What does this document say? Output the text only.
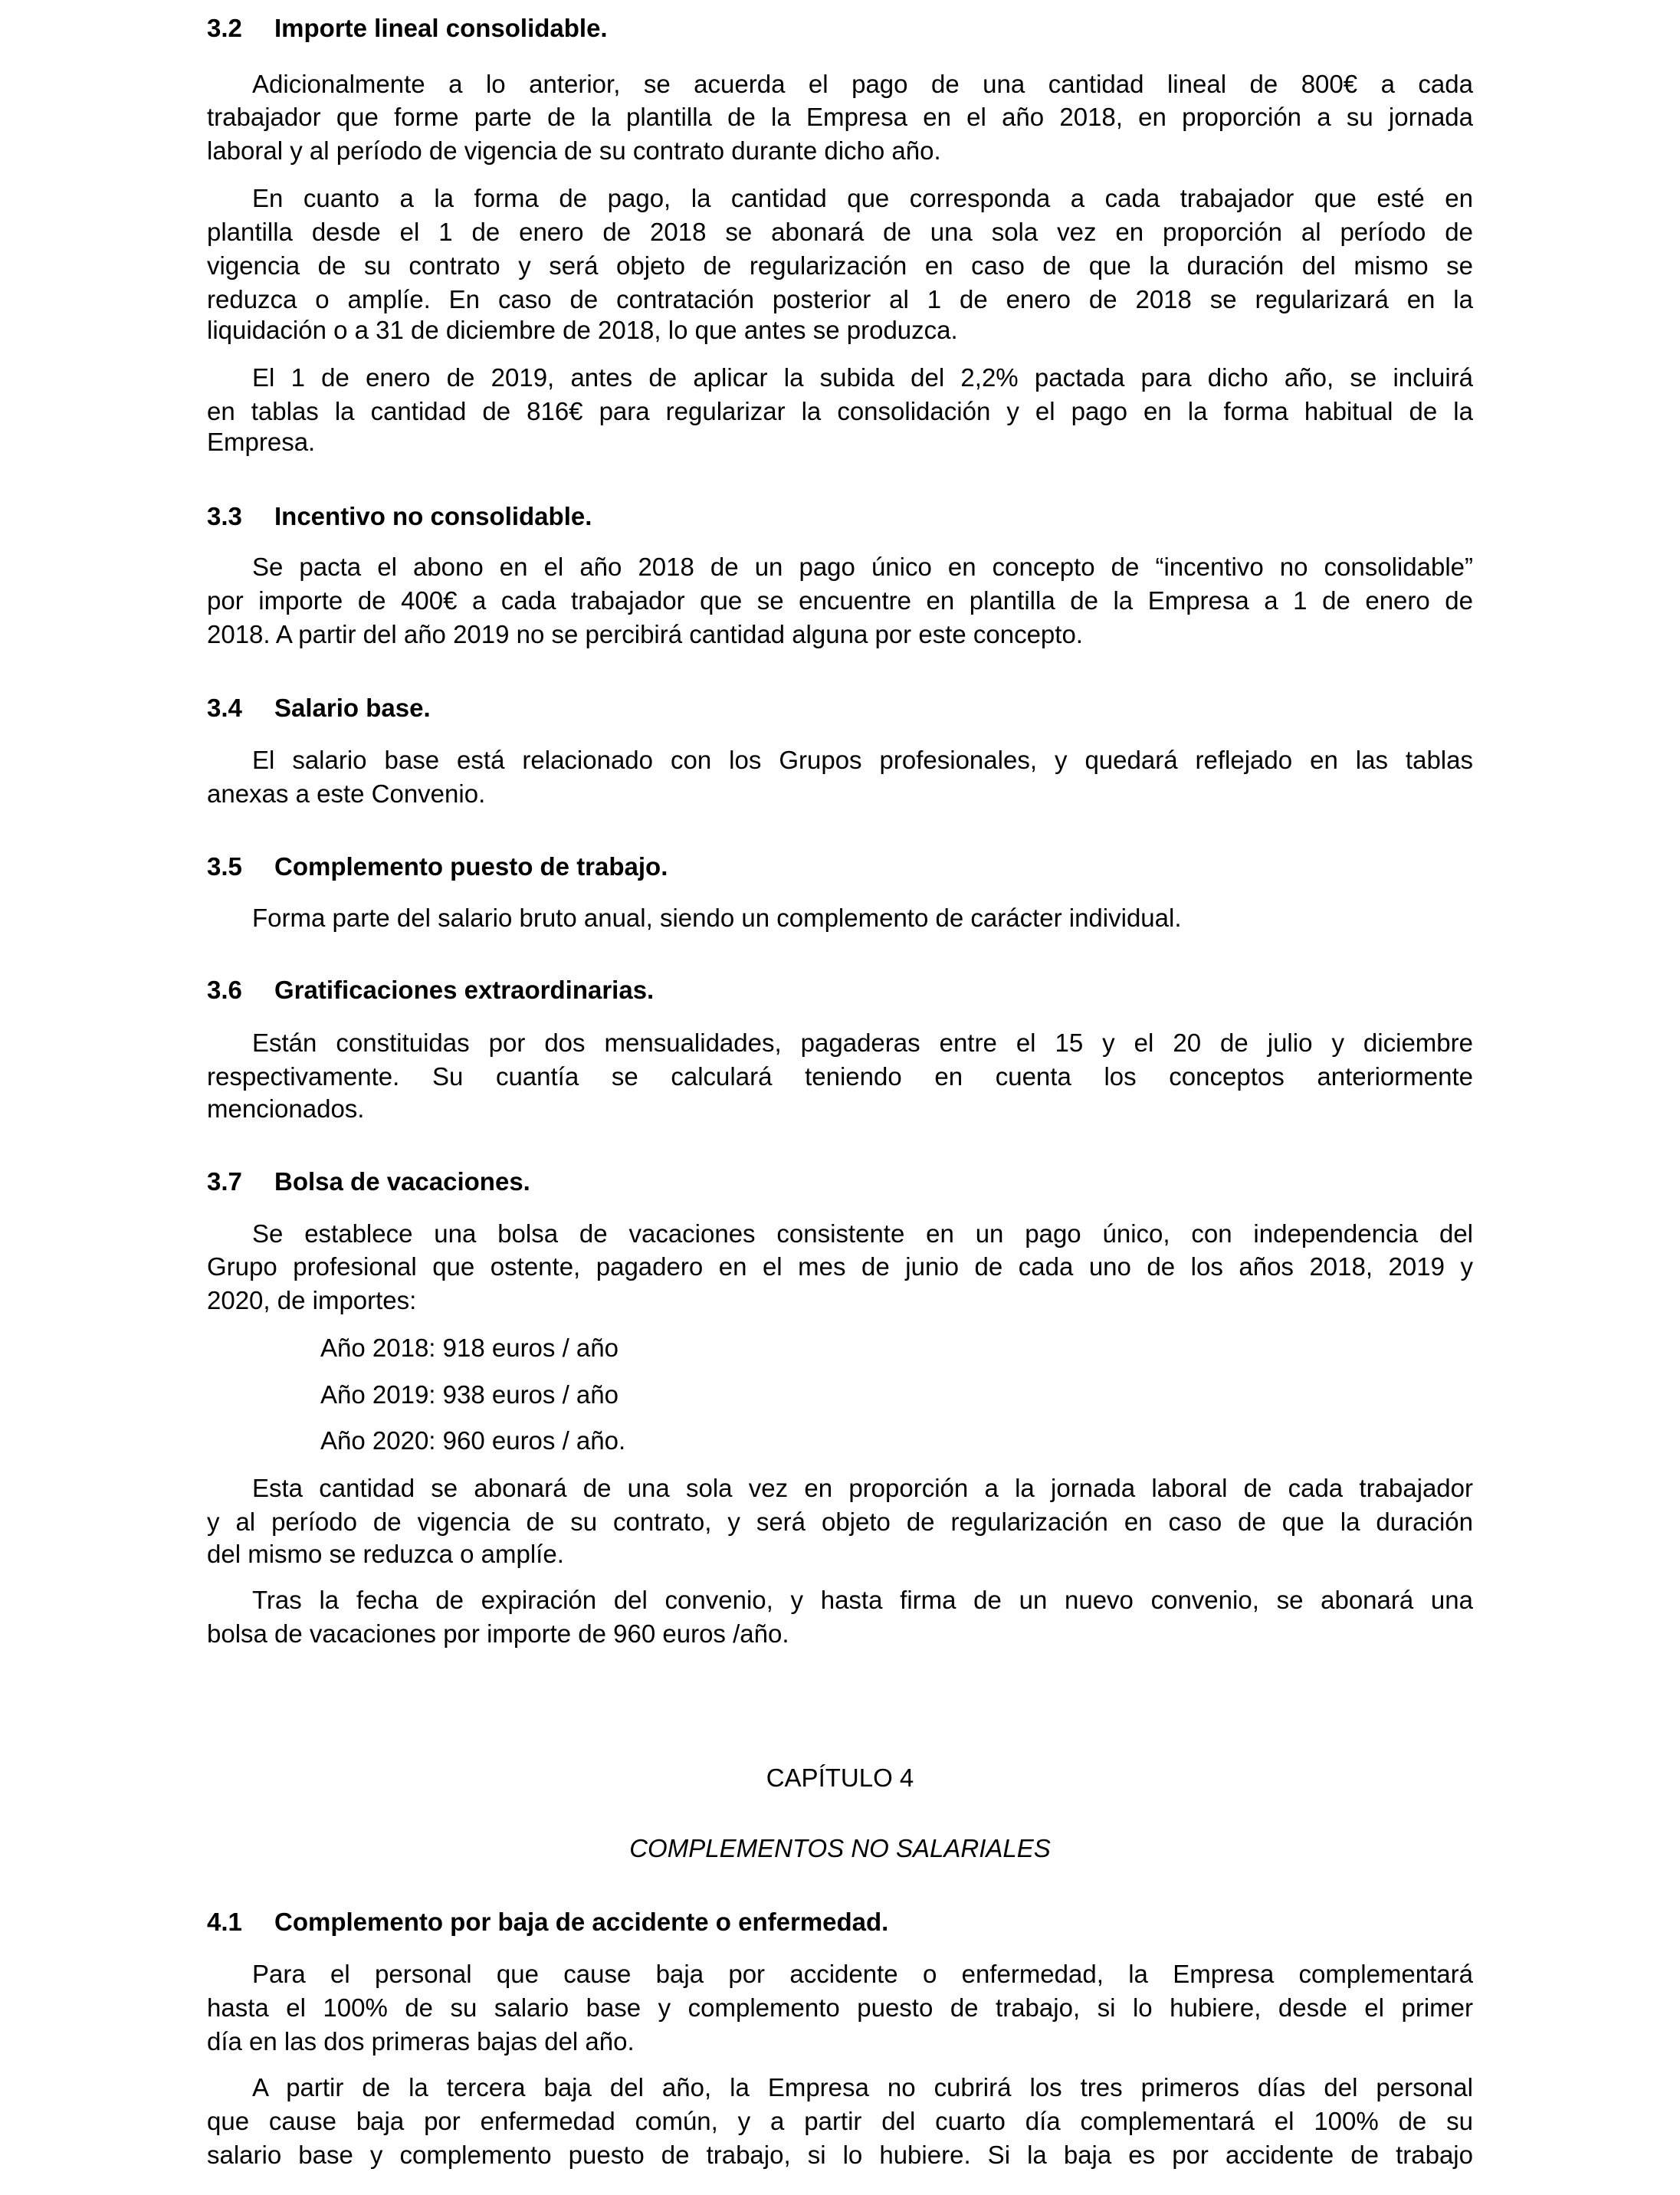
3.2 Importe lineal consolidable.
Adicionalmente a lo anterior, se acuerda el pago de una cantidad lineal de 800€ a cada
trabajador que forme parte de la plantilla de la Empresa en el año 2018, en proporción a su jornada
laboral y al período de vigencia de su contrato durante dicho año.
En cuanto a la forma de pago, la cantidad que corresponda a cada trabajador que esté en
plantilla desde el 1 de enero de 2018 se abonará de una sola vez en proporción al período de
vigencia de su contrato y será objeto de regularización en caso de que la duración del mismo se
reduzca o amplíe. En caso de contratación posterior al 1 de enero de 2018 se regularizará en la
liquidación o a 31 de diciembre de 2018, lo que antes se produzca.
El 1 de enero de 2019, antes de aplicar la subida del 2,2% pactada para dicho año, se incluirá
en tablas la cantidad de 816€ para regularizar la consolidación y el pago en la forma habitual de la
Empresa.
3.3 Incentivo no consolidable.
Se pacta el abono en el año 2018 de un pago único en concepto de “incentivo no consolidable”
por importe de 400€ a cada trabajador que se encuentre en plantilla de la Empresa a 1 de enero de
2018. A partir del año 2019 no se percibirá cantidad alguna por este concepto.
3.4 Salario base.
El salario base está relacionado con los Grupos profesionales, y quedará reflejado en las tablas
anexas a este Convenio.
3.5 Complemento puesto de trabajo.
Forma parte del salario bruto anual, siendo un complemento de carácter individual.
3.6 Gratificaciones extraordinarias.
Están constituidas por dos mensualidades, pagaderas entre el 15 y el 20 de julio y diciembre
respectivamente. Su cuantía se calculará teniendo en cuenta los conceptos anteriormente
mencionados.
3.7 Bolsa de vacaciones.
Se establece una bolsa de vacaciones consistente en un pago único, con independencia del
Grupo profesional que ostente, pagadero en el mes de junio de cada uno de los años 2018, 2019 y
2020, de importes:
Año 2018: 918 euros / año
Año 2019: 938 euros / año
Año 2020: 960 euros / año.
Esta cantidad se abonará de una sola vez en proporción a la jornada laboral de cada trabajador
y al período de vigencia de su contrato, y será objeto de regularización en caso de que la duración
del mismo se reduzca o amplíe.
Tras la fecha de expiración del convenio, y hasta firma de un nuevo convenio, se abonará una
bolsa de vacaciones por importe de 960 euros /año.
CAPÍTULO 4
COMPLEMENTOS NO SALARIALES
4.1 Complemento por baja de accidente o enfermedad.
Para el personal que cause baja por accidente o enfermedad, la Empresa complementará
hasta el 100% de su salario base y complemento puesto de trabajo, si lo hubiere, desde el primer
día en las dos primeras bajas del año.
A partir de la tercera baja del año, la Empresa no cubrirá los tres primeros días del personal
que cause baja por enfermedad común, y a partir del cuarto día complementará el 100% de su
salario base y complemento puesto de trabajo, si lo hubiere. Si la baja es por accidente de trabajo
